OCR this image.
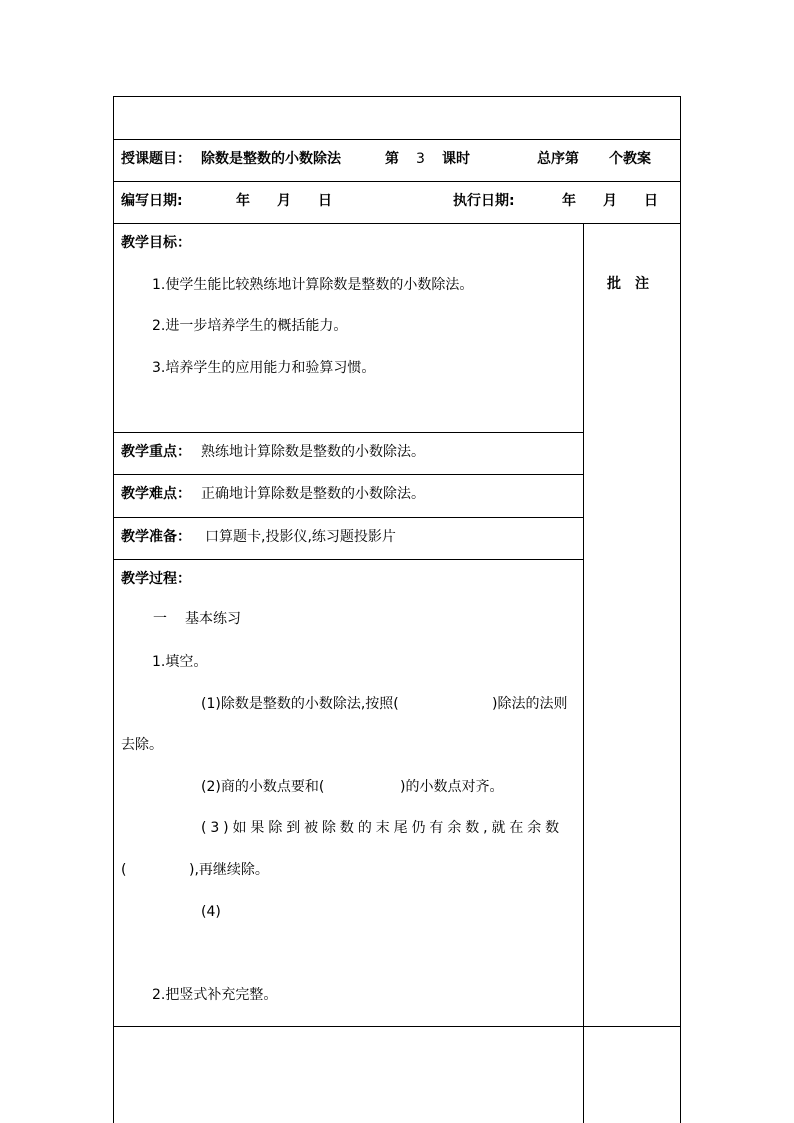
授课题目： 除数是整数的小数除法	第 3 课时	总序第 个教案
编写日期:	年 月 日	执行日期:	年 月 日
教学目标：
1.使学生能比较熟练地计算除数是整数的小数除法。
2.进一步培养学生的概括能力。
3.培养学生的应用能力和验算习惯。
批　注
教学重点： 熟练地计算除数是整数的小数除法。
教学难点： 正确地计算除数是整数的小数除法。
教学准备： 口算题卡,投影仪,练习题投影片
教学过程：
一 基本练习
1.填空。
(1)除数是整数的小数除法,按照(	)除法的法则
去除。
(2)商的小数点要和(	)的小数点对齐。
(3)如果除到被除数的末尾仍有余数,就在余数
(	),再继续除。
(4)
2.把竖式补充完整。
